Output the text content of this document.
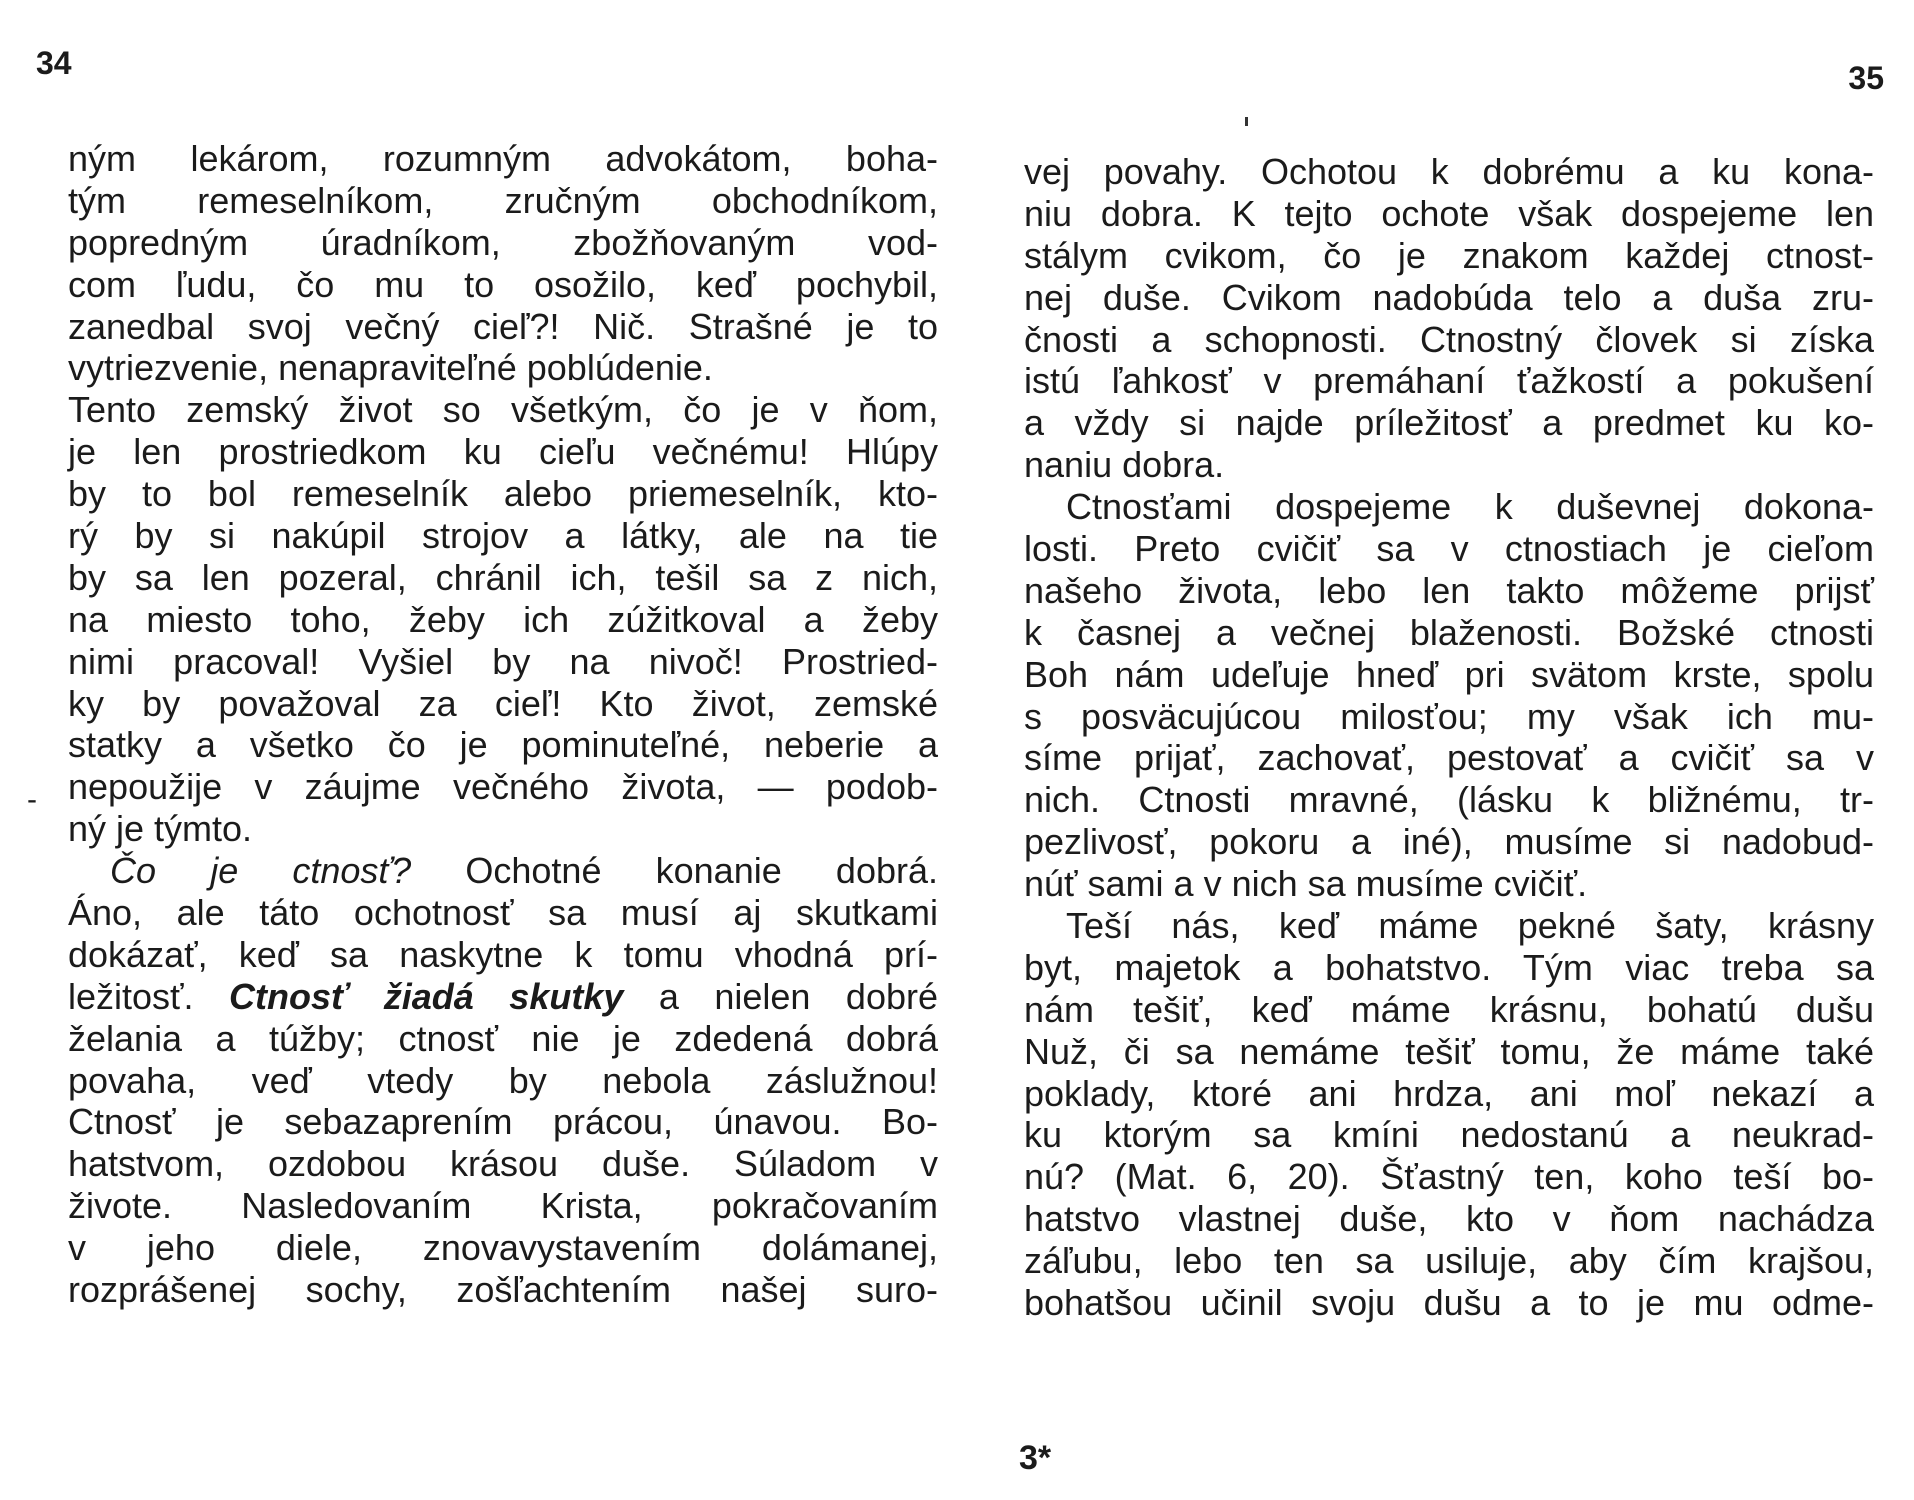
34
-
ným lekárom, rozumným advokátom, boha-
tým remeselníkom, zručným obchodníkom,
popredným úradníkom, zbožňovaným vod-
com ľudu, čo mu to osožilo, keď pochybil,
zanedbal svoj večný cieľ?! Nič. Strašné je to
vytriezvenie, nenapraviteľné poblúdenie.
Tento zemský život so všetkým, čo je v ňom,
je len prostriedkom ku cieľu večnému! Hlúpy
by to bol remeselník alebo priemeselník, kto-
rý by si nakúpil strojov a látky, ale na tie
by sa len pozeral, chránil ich, tešil sa z nich,
na miesto toho, žeby ich zúžitkoval a žeby
nimi pracoval! Vyšiel by na nivoč! Prostried-
ky by považoval za cieľ! Kto život, zemské
statky a všetko čo je pominuteľné, neberie a
nepoužije v záujme večného života, — podob-
ný je týmto.
Čo je ctnosť? Ochotné konanie dobrá.
Áno, ale táto ochotnosť sa musí aj skutkami
dokázať, keď sa naskytne k tomu vhodná prí-
ležitosť. Ctnosť žiadá skutky a nielen dobré
želania a túžby; ctnosť nie je zdedená dobrá
povaha, veď vtedy by nebola záslužnou!
Ctnosť je sebazaprením prácou, únavou. Bo-
hatstvom, ozdobou krásou duše. Súladom v
živote. Nasledovaním Krista, pokračovaním
v jeho diele, znovavystavením dolámanej,
rozprášenej sochy, zošľachtením našej suro-
35
vej povahy. Ochotou k dobrému a ku kona-
niu dobra. K tejto ochote však dospejeme len
stálym cvikom, čo je znakom každej ctnost-
nej duše. Cvikom nadobúda telo a duša zru-
čnosti a schopnosti. Ctnostný človek si získa
istú ľahkosť v premáhaní ťažkostí a pokušení
a vždy si najde príležitosť a predmet ku ko-
naniu dobra.
Ctnosťami dospejeme k duševnej dokona-
losti. Preto cvičiť sa v ctnostiach je cieľom
našeho života, lebo len takto môžeme prijsť
k časnej a večnej blaženosti. Božské ctnosti
Boh nám udeľuje hneď pri svätom krste, spolu
s posväcujúcou milosťou; my však ich mu-
síme prijať, zachovať, pestovať a cvičiť sa v
nich. Ctnosti mravné, (lásku k bližnému, tr-
pezlivosť, pokoru a iné), musíme si nadobud-
núť sami a v nich sa musíme cvičiť.
Teší nás, keď máme pekné šaty, krásny
byt, majetok a bohatstvo. Tým viac treba sa
nám tešiť, keď máme krásnu, bohatú dušu
Nuž, či sa nemáme tešiť tomu, že máme také
poklady, ktoré ani hrdza, ani moľ nekazí a
ku ktorým sa kmíni nedostanú a neukrad-
nú? (Mat. 6, 20). Šťastný ten, koho teší bo-
hatstvo vlastnej duše, kto v ňom nachádza
záľubu, lebo ten sa usiluje, aby čím krajšou,
bohatšou učinil svoju dušu a to je mu odme-
3*
